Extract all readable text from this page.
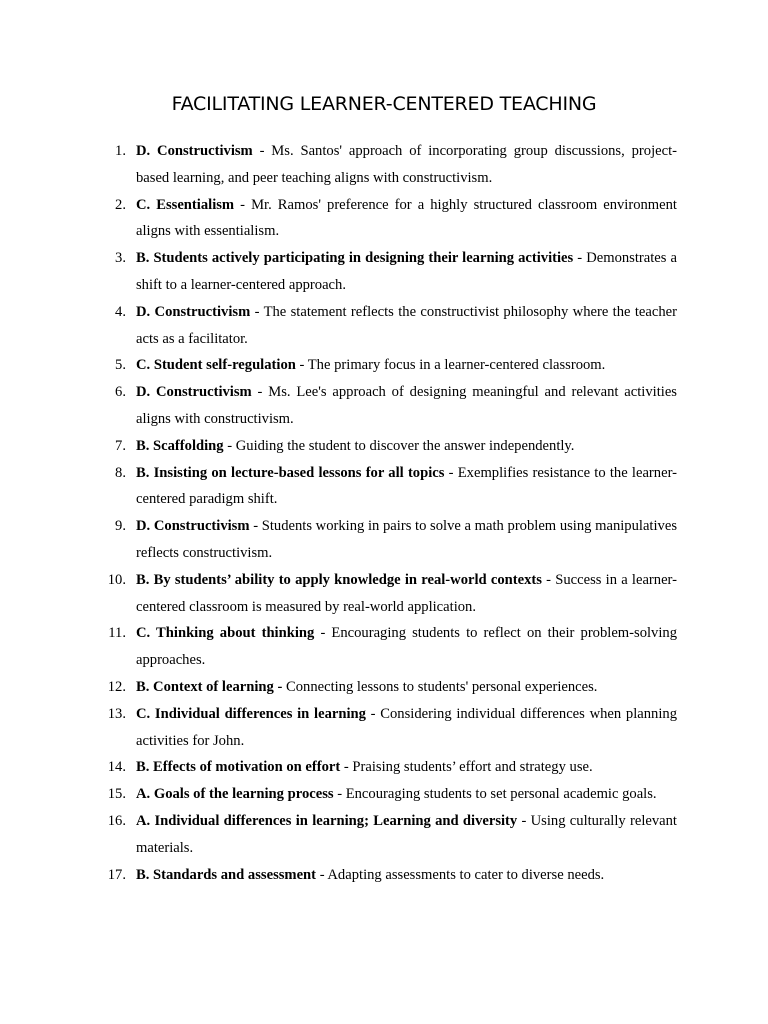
FACILITATING LEARNER-CENTERED TEACHING
1. D. Constructivism - Ms. Santos' approach of incorporating group discussions, project-based learning, and peer teaching aligns with constructivism.
2. C. Essentialism - Mr. Ramos' preference for a highly structured classroom environment aligns with essentialism.
3. B. Students actively participating in designing their learning activities - Demonstrates a shift to a learner-centered approach.
4. D. Constructivism - The statement reflects the constructivist philosophy where the teacher acts as a facilitator.
5. C. Student self-regulation - The primary focus in a learner-centered classroom.
6. D. Constructivism - Ms. Lee's approach of designing meaningful and relevant activities aligns with constructivism.
7. B. Scaffolding - Guiding the student to discover the answer independently.
8. B. Insisting on lecture-based lessons for all topics - Exemplifies resistance to the learner-centered paradigm shift.
9. D. Constructivism - Students working in pairs to solve a math problem using manipulatives reflects constructivism.
10. B. By students’ ability to apply knowledge in real-world contexts - Success in a learner-centered classroom is measured by real-world application.
11. C. Thinking about thinking - Encouraging students to reflect on their problem-solving approaches.
12. B. Context of learning - Connecting lessons to students' personal experiences.
13. C. Individual differences in learning - Considering individual differences when planning activities for John.
14. B. Effects of motivation on effort - Praising students’ effort and strategy use.
15. A. Goals of the learning process - Encouraging students to set personal academic goals.
16. A. Individual differences in learning; Learning and diversity - Using culturally relevant materials.
17. B. Standards and assessment - Adapting assessments to cater to diverse needs.
